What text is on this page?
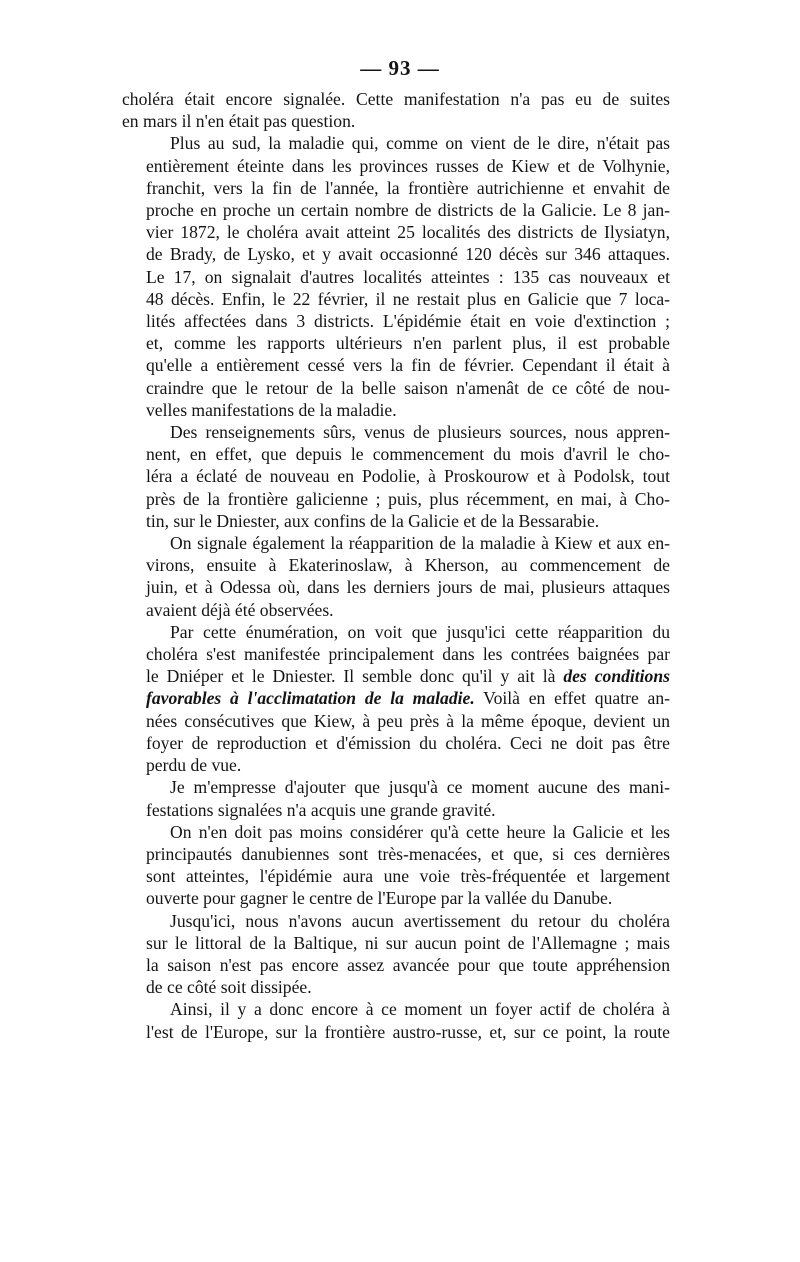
— 93 —

choléra était encore signalée. Cette manifestation n'a pas eu de suites
en mars il n'en était pas question.

Plus au sud, la maladie qui, comme on vient de le dire, n'était pas
entièrement éteinte dans les provinces russes de Kiew et de Volhynie,
franchit, vers la fin de l'année, la frontière autrichienne et envahit de
proche en proche un certain nombre de districts de la Galicie. Le 8 jan-
vier 1872, le choléra avait atteint 25 localités des districts de Ilysiatyn,
de Brady, de Lysko, et y avait occasionné 120 décès sur 346 attaques.
Le 17, on signalait d'autres localités atteintes : 135 cas nouveaux et
48 décès. Enfin, le 22 février, il ne restait plus en Galicie que 7 loca-
lités affectées dans 3 districts. L'épidémie était en voie d'extinction ;
et, comme les rapports ultérieurs n'en parlent plus, il est probable
qu'elle a entièrement cessé vers la fin de février. Cependant il était à
craindre que le retour de la belle saison n'amenât de ce côté de nou-
velles manifestations de la maladie.

Des renseignements sûrs, venus de plusieurs sources, nous appren-
nent, en effet, que depuis le commencement du mois d'avril le cho-
léra a éclaté de nouveau en Podolie, à Proskourow et à Podolsk, tout
près de la frontière galicienne ; puis, plus récemment, en mai, à Cho-
tin, sur le Dniester, aux confins de la Galicie et de la Bessarabie.

On signale également la réapparition de la maladie à Kiew et aux en-
virons, ensuite à Ekaterinoslaw, à Kherson, au commencement de
juin, et à Odessa où, dans les derniers jours de mai, plusieurs attaques
avaient déjà été observées.

Par cette énumération, on voit que jusqu'ici cette réapparition du
choléra s'est manifestée principalement dans les contrées baignées par
le Dniéper et le Dniester. Il semble donc qu'il y ait là des conditions
favorables à l'acclimatation de la maladie. Voilà en effet quatre an-
nées consécutives que Kiew, à peu près à la même époque, devient un
foyer de reproduction et d'émission du choléra. Ceci ne doit pas être
perdu de vue.

Je m'empresse d'ajouter que jusqu'à ce moment aucune des mani-
festations signalées n'a acquis une grande gravité.

On n'en doit pas moins considérer qu'à cette heure la Galicie et les
principautés danubiennes sont très-menacées, et que, si ces dernières
sont atteintes, l'épidémie aura une voie très-fréquentée et largement
ouverte pour gagner le centre de l'Europe par la vallée du Danube.

Jusqu'ici, nous n'avons aucun avertissement du retour du choléra
sur le littoral de la Baltique, ni sur aucun point de l'Allemagne ; mais
la saison n'est pas encore assez avancée pour que toute appréhension
de ce côté soit dissipée.

Ainsi, il y a donc encore à ce moment un foyer actif de choléra à
l'est de l'Europe, sur la frontière austro-russe, et, sur ce point, la route
